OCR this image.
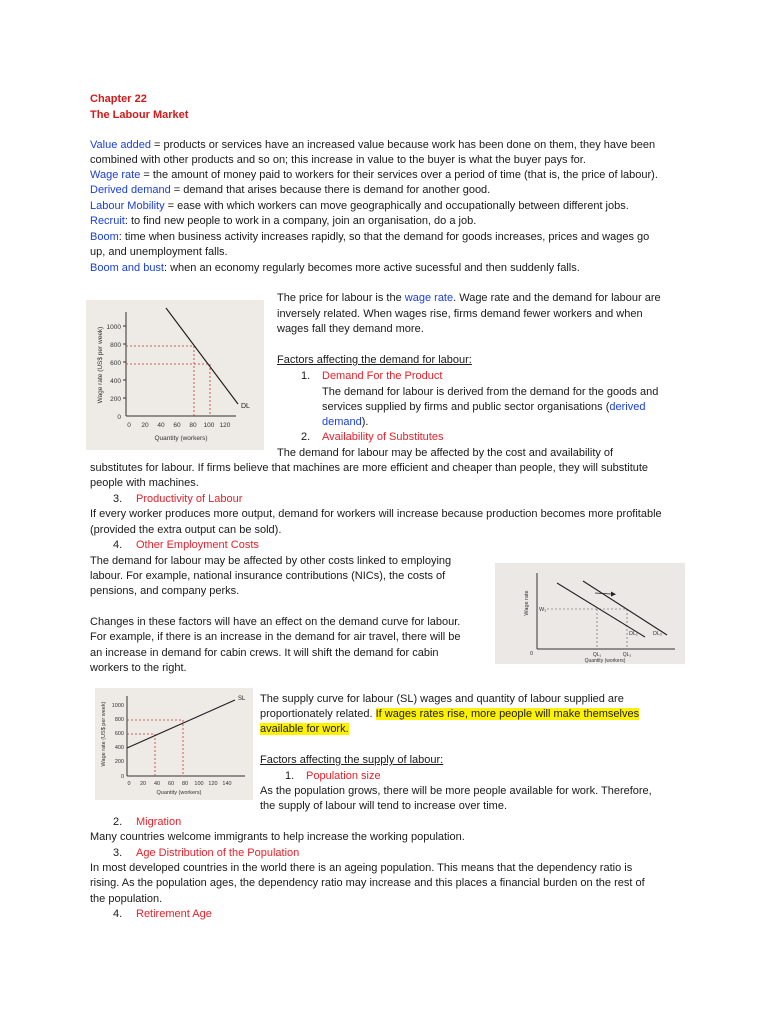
Chapter 22
The Labour Market
Value added = products or services have an increased value because work has been done on them, they have been
combined with other products and so on; this increase in value to the buyer is what the buyer pays for.
Wage rate = the amount of money paid to workers for their services over a period of time (that is, the price of labour).
Derived demand = demand that arises because there is demand for another good.
Labour Mobility = ease with which workers can move geographically and occupationally between different jobs.
Recruit: to find new people to work in a company, join an organisation, do a job.
Boom: time when business activity increases rapidly, so that the demand for goods increases, prices and wages go
up, and unemployment falls.
Boom and bust: when an economy regularly becomes more active sucessful and then suddenly falls.
1000
800
600
400
200
0
0 20 40 60 80 100 120
DL
Quantity (workers)
Wage rate (US$ per week)
The price for labour is the wage rate. Wage rate and the demand for labour are
inversely related. When wages rise, firms demand fewer workers and when
wages fall they demand more.
Factors affecting the demand for labour:
1. Demand For the Product
The demand for labour is derived from the demand for the goods and
services supplied by firms and public sector organisations (derived
demand).
2. Availability of Substitutes
The demand for labour may be affected by the cost and availability of
substitutes for labour. If firms believe that machines are more efficient and cheaper than people, they will substitute
people with machines.
3. Productivity of Labour
If every worker produces more output, demand for workers will increase because production becomes more profitable
(provided the extra output can be sold).
4. Other Employment Costs
The demand for labour may be affected by other costs linked to employing
labour. For example, national insurance contributions (NICs), the costs of
pensions, and company perks.
Changes in these factors will have an effect on the demand curve for labour.
For example, if there is an increase in the demand for air travel, there will be
an increase in demand for cabin crews. It will shift the demand for cabin
workers to the right.
0
W₁
DL₁	DL₂
QL₁	QL₂
Quantity (workers)
Wage rate
1000
800
600
400
200
0
0 20 40 60 80 100 120 140
SL
Quantity (workers)
Wage rate (US$ per week)
The supply curve for labour (SL) wages and quantity of labour supplied are
proportionately related. If wages rates rise, more people will make themselves
available for work.
Factors affecting the supply of labour:
1. Population size
As the population grows, there will be more people available for work. Therefore,
the supply of labour will tend to increase over time.
2. Migration
Many countries welcome immigrants to help increase the working population.
3. Age Distribution of the Population
In most developed countries in the world there is an ageing population. This means that the dependency ratio is
rising. As the population ages, the dependency ratio may increase and this places a financial burden on the rest of
the population.
4. Retirement Age
